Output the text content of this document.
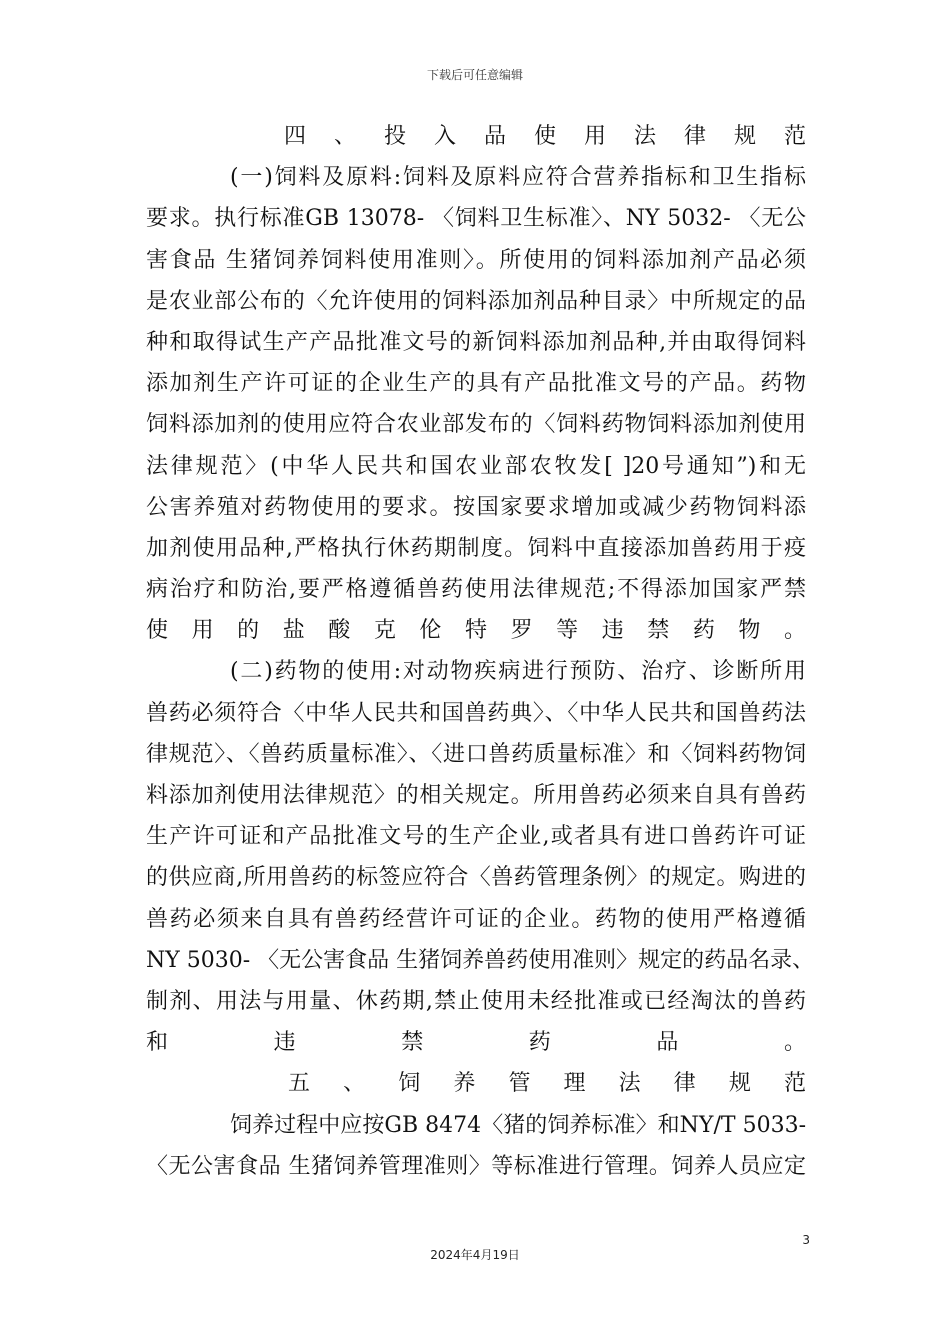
下载后可任意编辑
四 、 投 入 品 使 用 法 律 规 范
(一)饲料及原料:饲料及原料应符合营养指标和卫生指标
要求。执行标准GB 13078- 〈饲料卫生标准〉、NY 5032- 〈无公
害食品 生猪饲养饲料使用准则〉。所使用的饲料添加剂产品必须
是农业部公布的〈允许使用的饲料添加剂品种目录〉中所规定的品
种和取得试生产产品批准文号的新饲料添加剂品种,并由取得饲料
添加剂生产许可证的企业生产的具有产品批准文号的产品。药物
饲料添加剂的使用应符合农业部发布的〈饲料药物饲料添加剂使用
法律规范〉(中华人民共和国农业部农牧发[ ]20号通知”)和无
公害养殖对药物使用的要求。按国家要求增加或减少药物饲料添
加剂使用品种,严格执行休药期制度。饲料中直接添加兽药用于疫
病治疗和防治,要严格遵循兽药使用法律规范;不得添加国家严禁
使 用 的 盐 酸 克 伦 特 罗 等 违 禁 药 物 。
(二)药物的使用:对动物疾病进行预防、治疗、诊断所用
兽药必须符合〈中华人民共和国兽药典〉、〈中华人民共和国兽药法
律规范〉、〈兽药质量标准〉、〈进口兽药质量标准〉和〈饲料药物饲
料添加剂使用法律规范〉的相关规定。所用兽药必须来自具有兽药
生产许可证和产品批准文号的生产企业,或者具有进口兽药许可证
的供应商,所用兽药的标签应符合〈兽药管理条例〉的规定。购进的
兽药必须来自具有兽药经营许可证的企业。药物的使用严格遵循
NY 5030- 〈无公害食品 生猪饲养兽药使用准则〉规定的药品名录、
制剂、用法与用量、休药期,禁止使用未经批准或已经淘汰的兽药
和 违 禁 药 品 。
五 、 饲 养 管 理 法 律 规 范
饲养过程中应按GB 8474〈猪的饲养标准〉和NY/T 5033-
〈无公害食品 生猪饲养管理准则〉等标准进行管理。饲养人员应定
3
2024年4月19日
